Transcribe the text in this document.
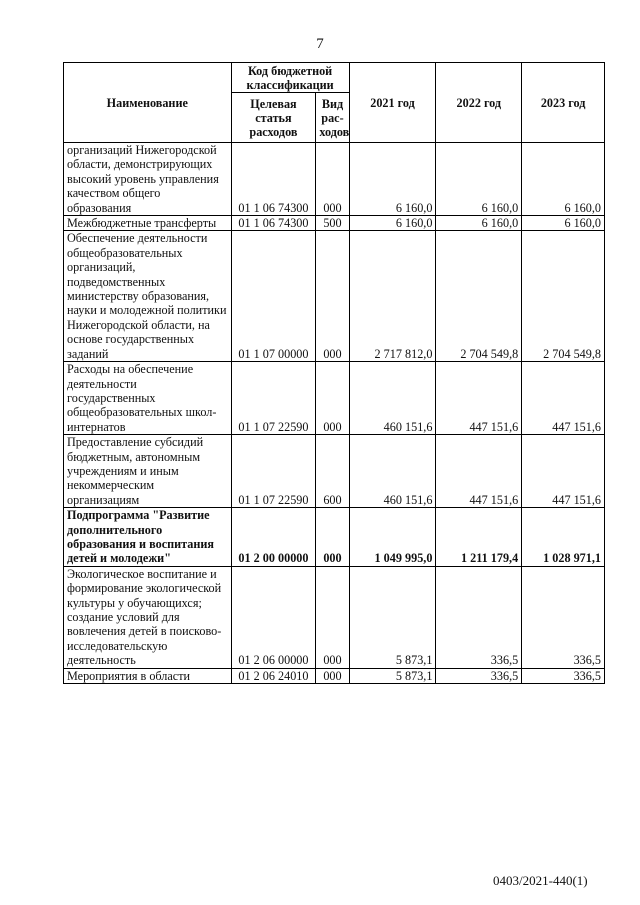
7
Наименование	Код бюджетной классификации		2021 год	2022 год	2023 год
	Целевая статья расходов	Вид рас-ходов			
организаций Нижегородской области, демонстрирующих высокий уровень управления качеством общего образования	01 1 06 74300	000	6 160,0	6 160,0	6 160,0
Межбюджетные трансферты	01 1 06 74300	500	6 160,0	6 160,0	6 160,0
Обеспечение деятельности общеобразовательных организаций, подведомственных министерству образования, науки и молодежной политики Нижегородской области, на основе государственных заданий	01 1 07 00000	000	2 717 812,0	2 704 549,8	2 704 549,8
Расходы на обеспечение деятельности государственных общеобразовательных школ-интернатов	01 1 07 22590	000	460 151,6	447 151,6	447 151,6
Предоставление субсидий бюджетным, автономным учреждениям и иным некоммерческим организациям	01 1 07 22590	600	460 151,6	447 151,6	447 151,6
Подпрограмма "Развитие дополнительного образования и воспитания детей и молодежи"	01 2 00 00000	000	1 049 995,0	1 211 179,4	1 028 971,1
Экологическое воспитание и формирование экологической культуры у обучающихся; создание условий для вовлечения детей в поисково-исследовательскую деятельность	01 2 06 00000	000	5 873,1	336,5	336,5
Мероприятия в области	01 2 06 24010	000	5 873,1	336,5	336,5
0403/2021-440(1)
